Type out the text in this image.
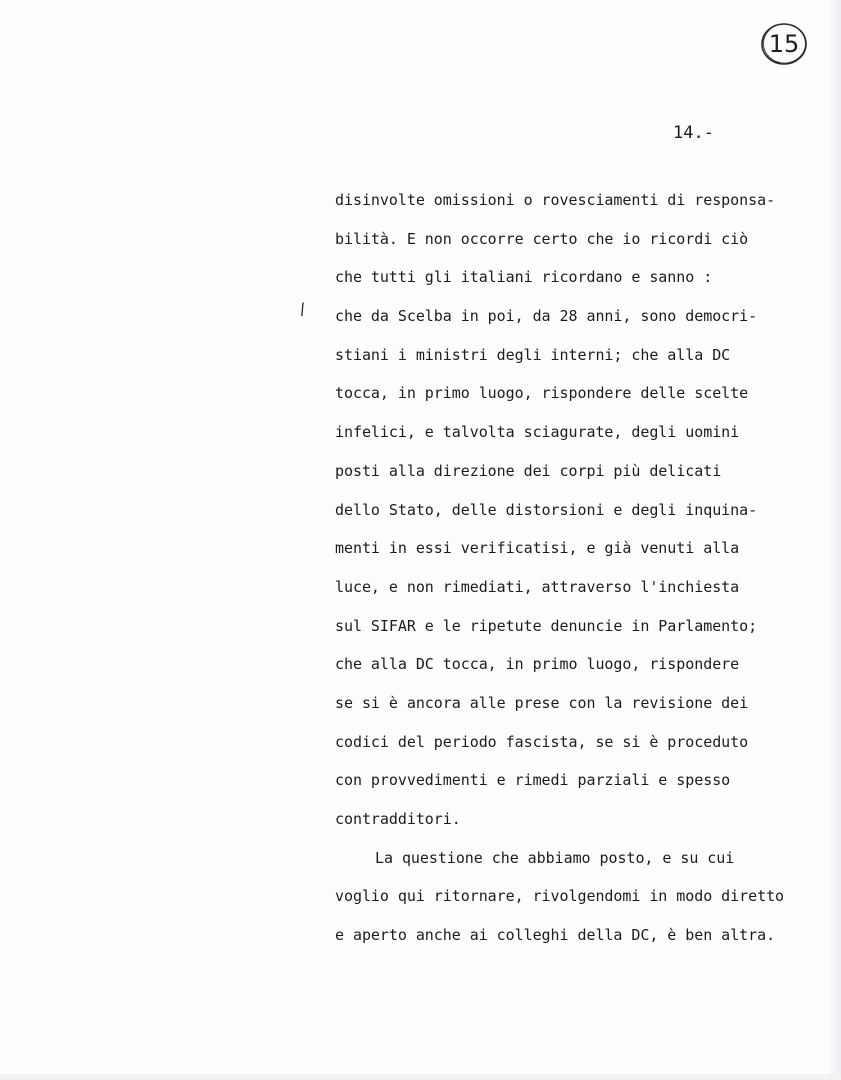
15
14.-
/
disinvolte omissioni o rovesciamenti di responsa-
bilità. E non occorre certo che io ricordi ciò
che tutti gli italiani ricordano e sanno :
che da Scelba in poi, da 28 anni, sono democri-
stiani i ministri degli interni; che alla DC
tocca, in primo luogo, rispondere delle scelte
infelici, e talvolta sciagurate, degli uomini
posti alla direzione dei corpi più delicati
dello Stato, delle distorsioni e degli inquina-
menti in essi verificatisi, e già venuti alla
luce, e non rimediati, attraverso l'inchiesta
sul SIFAR e le ripetute denuncie in Parlamento;
che alla DC tocca, in primo luogo, rispondere
se si è ancora alle prese con la revisione dei
codici del periodo fascista, se si è proceduto
con provvedimenti e rimedi parziali e spesso
contradditori.
La questione che abbiamo posto, e su cui
voglio qui ritornare, rivolgendomi in modo diretto
e aperto anche ai colleghi della DC, è ben altra.
